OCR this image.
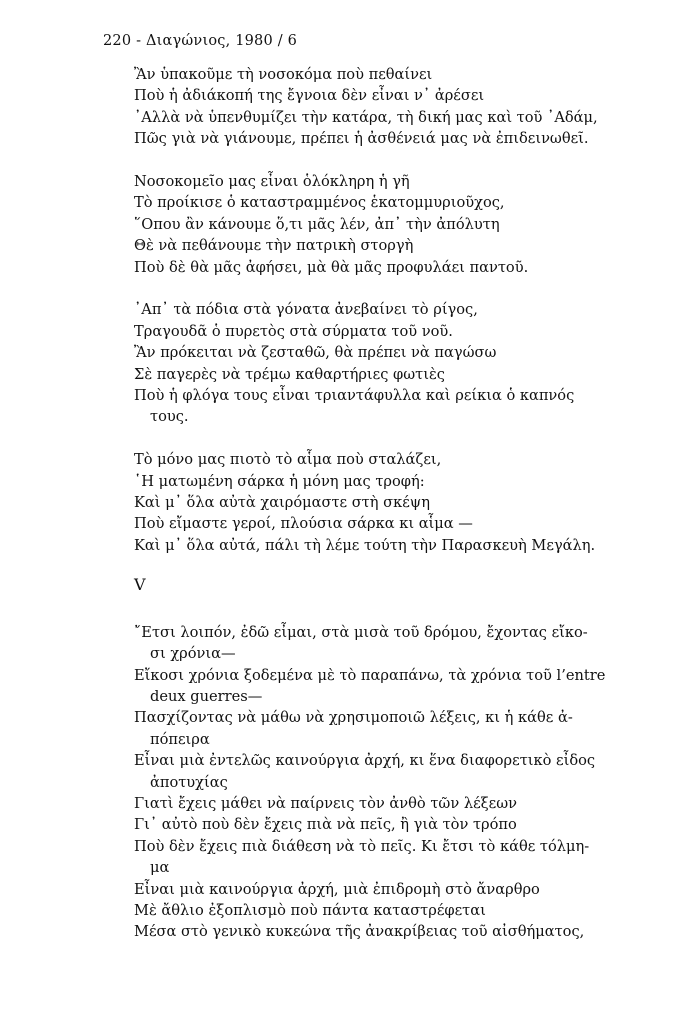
220 - Διαγώνιος, 1980 / 6
Ἂν ὑπακοῦμε τὴ νοσοκόμα ποὺ πεθαίνει
Ποὺ ἡ ἀδιάκοπή της ἔγνοια δὲν εἶναι ν᾽ ἀρέσει
᾽Αλλὰ νὰ ὑπενθυμίζει τὴν κατάρα, τὴ δική μας καὶ τοῦ ᾽Αδάμ,
Πῶς γιὰ νὰ γιάνουμε, πρέπει ἡ ἀσθένειά μας νὰ ἐπιδεινωθεῖ.
Νοσοκομεῖο μας εἶναι ὁλόκληρη ἡ γῆ
Τὸ προίκισε ὁ καταστραμμένος ἑκατομμυριοῦχος,
῞Οπου ἂν κάνουμε ὅ,τι μᾶς λέν, ἀπ᾽ τὴν ἀπόλυτη
Θὲ νὰ πεθάνουμε τὴν πατρικὴ στοργὴ
Ποὺ δὲ θὰ μᾶς ἀφήσει, μὰ θὰ μᾶς προφυλάει παντοῦ.
᾽Απ᾽ τὰ πόδια στὰ γόνατα ἀνεβαίνει τὸ ρίγος,
Τραγουδᾶ ὁ πυρετὸς στὰ σύρματα τοῦ νοῦ.
Ἂν πρόκειται νὰ ζεσταθῶ, θὰ πρέπει νὰ παγώσω
Σὲ παγερὲς νὰ τρέμω καθαρτήριες φωτιὲς
Ποὺ ἡ φλόγα τους εἶναι τριαντάφυλλα καὶ ρείκια ὁ καπνός
τους.
Τὸ μόνο μας πιοτὸ τὸ αἷμα ποὺ σταλάζει,
῾Η ματωμένη σάρκα ἡ μόνη μας τροφή:
Καὶ μ᾽ ὅλα αὐτὰ χαιρόμαστε στὴ σκέψη
Ποὺ εἴμαστε γεροί, πλούσια σάρκα κι αἷμα —
Καὶ μ᾽ ὅλα αὐτά, πάλι τὴ λέμε τούτη τὴν Παρασκευὴ Μεγάλη.
V
῎Ετσι λοιπόν, ἐδῶ εἶμαι, στὰ μισὰ τοῦ δρόμου, ἔχοντας εἴκο-
σι χρόνια—
Εἴκοσι χρόνια ξοδεμένα μὲ τὸ παραπάνω, τὰ χρόνια τοῦ l’entre
deux guerres—
Πασχίζοντας νὰ μάθω νὰ χρησιμοποιῶ λέξεις, κι ἡ κάθε ἀ-
πόπειρα
Εἶναι μιὰ ἐντελῶς καινούργια ἀρχή, κι ἕνα διαφορετικὸ εἶδος
ἀποτυχίας
Γιατὶ ἔχεις μάθει νὰ παίρνεις τὸν ἀνθὸ τῶν λέξεων
Γι᾽ αὐτὸ ποὺ δὲν ἔχεις πιὰ νὰ πεῖς, ἢ γιὰ τὸν τρόπο
Ποὺ δὲν ἔχεις πιὰ διάθεση νὰ τὸ πεῖς. Κι ἔτσι τὸ κάθε τόλμη-
μα
Εἶναι μιὰ καινούργια ἀρχή, μιὰ ἐπιδρομὴ στὸ ἄναρθρο
Μὲ ἄθλιο ἐξοπλισμὸ ποὺ πάντα καταστρέφεται
Μέσα στὸ γενικὸ κυκεώνα τῆς ἀνακρίβειας τοῦ αἰσθήματος,
